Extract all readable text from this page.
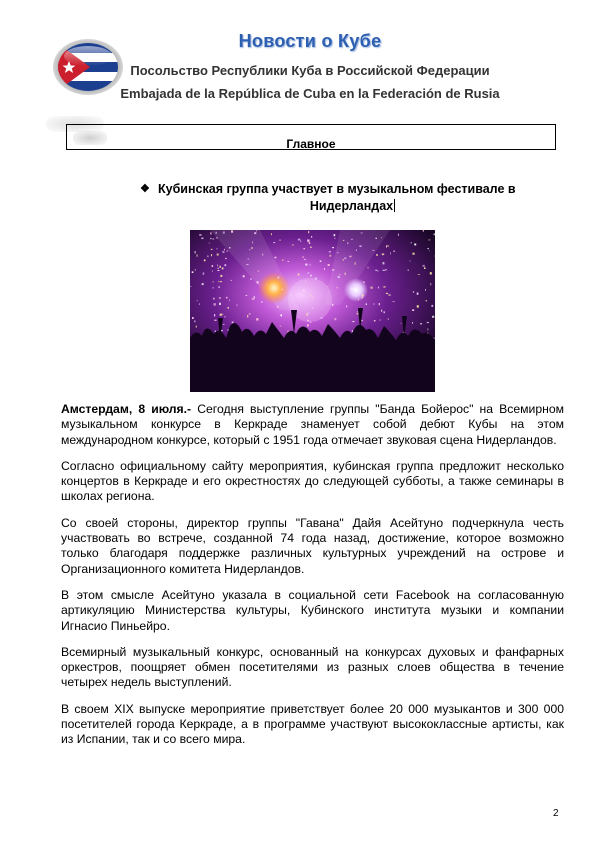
Новости о Кубе
Посольство Республики Куба в Российской Федерации
Embajada de la República de Cuba en la Federación de Rusia
Главное
❖ Кубинская группа участвует в музыкальном фестивале в
Нидерландах

Амстердам, 8 июля.- Сегодня выступление группы "Банда Бойерос" на Всемирном музыкальном конкурсе в Керкраде знаменует собой дебют Кубы на этом международном конкурсе, который с 1951 года отмечает звуковая сцена Нидерландов.

Согласно официальному сайту мероприятия, кубинская группа предложит несколько концертов в Керкраде и его окрестностях до следующей субботы, а также семинары в школах региона.

Со своей стороны, директор группы "Гавана" Дайя Асейтуно подчеркнула честь участвовать во встрече, созданной 74 года назад, достижение, которое возможно только благодаря поддержке различных культурных учреждений на острове и Организационного комитета Нидерландов.

В этом смысле Асейтуно указала в социальной сети Facebook на согласованную артикуляцию Министерства культуры, Кубинского института музыки и компании Игнасио Пиньейро.

Всемирный музыкальный конкурс, основанный на конкурсах духовых и фанфарных оркестров, поощряет обмен посетителями из разных слоев общества в течение четырех недель выступлений.

В своем XIX выпуске мероприятие приветствует более 20 000 музыкантов и 300 000 посетителей города Керкраде, а в программе участвуют высококлассные артисты, как из Испании, так и со всего мира.

2
